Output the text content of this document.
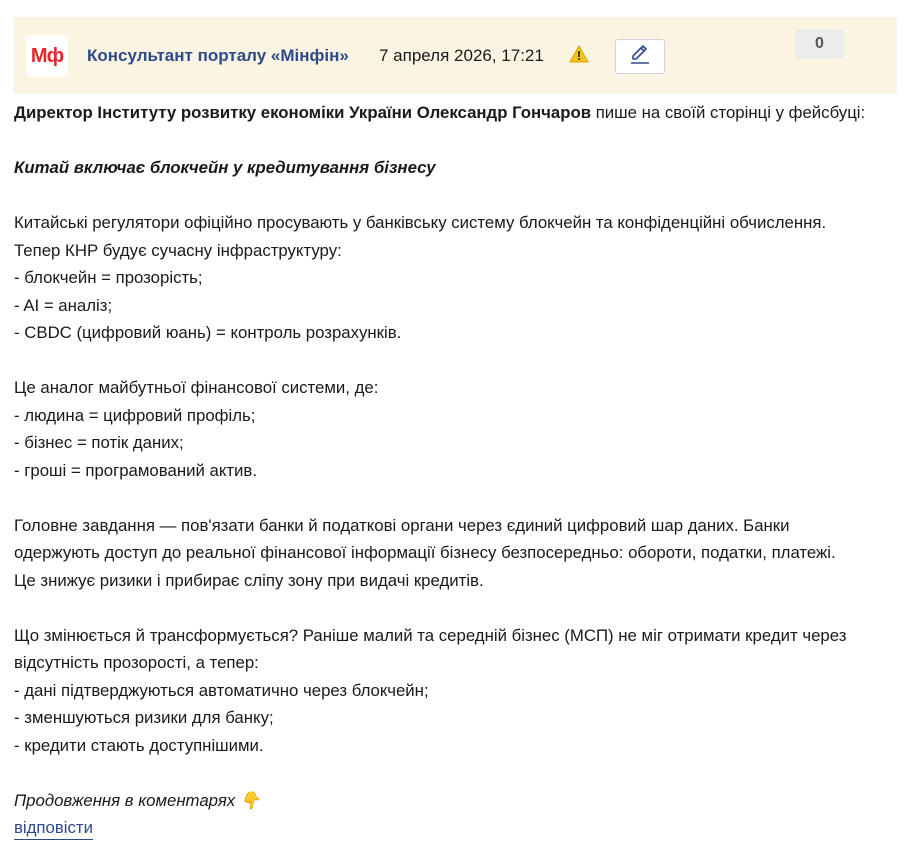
Мф Консультант порталу «Мінфін» 7 апреля 2026, 17:21
0

Директор Інституту розвитку економіки України Олександр Гончаров пише на своїй сторінці у фейсбуці:

Китай включає блокчейн у кредитування бізнесу

Китайські регулятори офіційно просувають у банківську систему блокчейн та конфіденційні обчислення.

Тепер КНР будує сучасну інфраструктуру:

- блокчейн = прозорість;

- AI = аналіз;

- CBDC (цифровий юань) = контроль розрахунків.

Це аналог майбутньої фінансової системи, де:

- людина = цифровий профіль;

- бізнес = потік даних;

- гроші = програмований актив.

Головне завдання — пов'язати банки й податкові органи через єдиний цифровий шар даних. Банки

одержують доступ до реальної фінансової інформації бізнесу безпосередньо: обороти, податки, платежі.

Це знижує ризики і прибирає сліпу зону при видачі кредитів.

Що змінюється й трансформується? Раніше малий та середній бізнес (МСП) не міг отримати кредит через

відсутність прозорості, а тепер:

- дані підтверджуються автоматично через блокчейн;

- зменшуються ризики для банку;

- кредити стають доступнішими.

Продовження в коментарях 👇

відповісти
